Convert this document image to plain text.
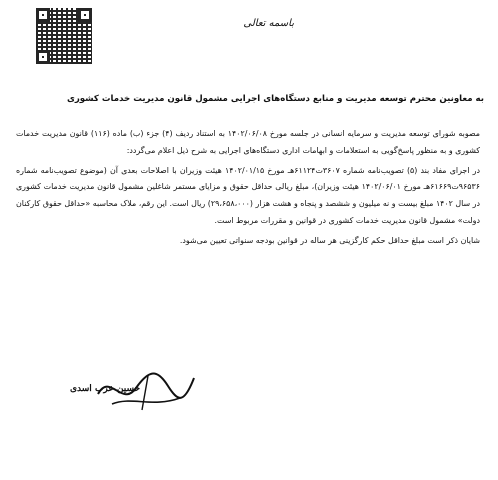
باسمه تعالی
به معاونین محترم توسعه مدیریت و منابع دستگاه‌های اجرایی مشمول قانون مدیریت خدمات کشوری

مصوبه شورای توسعه مدیریت و سرمایه انسانی در جلسه مورخ ۱۴۰۲/۰۶/۰۸ به استناد ردیف (۴) جزء (ب) ماده (۱۱۶) قانون مدیریت خدمات کشوری و به منظور پاسخ‌گویی به استعلامات و ابهامات اداری دستگاه‌های اجرایی به شرح ذیل اعلام می‌گردد:

در اجرای مفاد بند (۵) تصویب‌نامه شماره ۳۶۰۷ت۶۱۱۲۴هـ مورخ ۱۴۰۲/۰۱/۱۵ هیئت وزیران با اصلاحات بعدی آن (موضوع تصویب‌نامه شماره ۹۶۵۳۶ت۶۱۶۶۹هـ مورخ ۱۴۰۲/۰۶/۰۱ هیئت وزیران)، مبلغ ریالی حداقل حقوق و مزایای مستمر شاغلین مشمول قانون مدیریت خدمات کشوری در سال ۱۴۰۲ مبلغ بیست و نه میلیون و ششصد و پنجاه و هشت هزار (۲۹،۶۵۸،۰۰۰) ریال است. این رقم، ملاک محاسبه «حداقل حقوق کارکنان دولت» مشمول قانون مدیریت خدمات کشوری در قوانین و مقررات مربوط است.

شایان ذکر است مبلغ حداقل حکم کارگزینی هر ساله در قوانین بودجه سنواتی تعیین می‌شود.

حسین عرب اسدی
